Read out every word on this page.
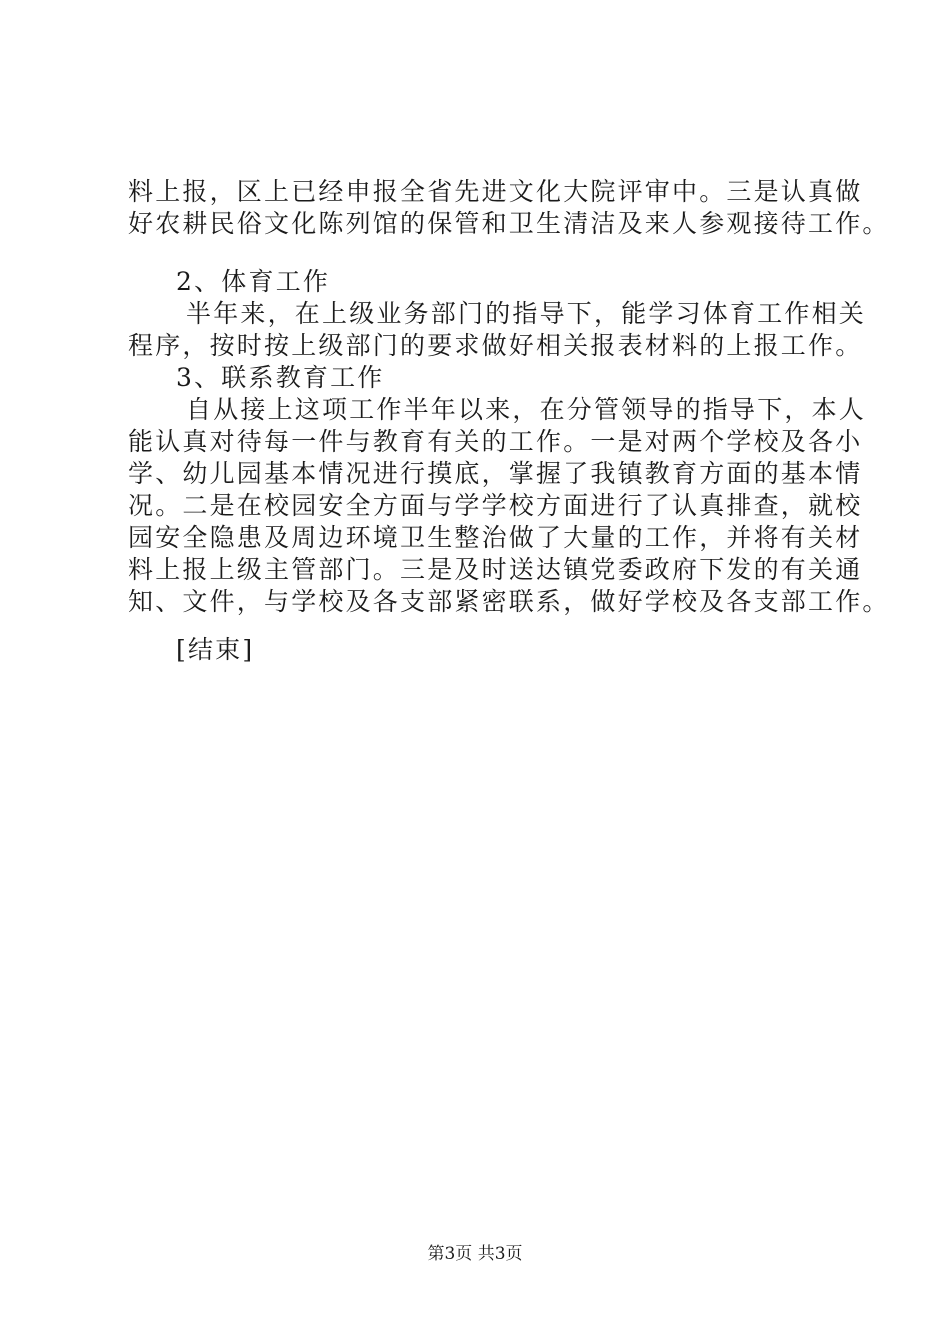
料上报，区上已经申报全省先进文化大院评审中。三是认真做
好农耕民俗文化陈列馆的保管和卫生清洁及来人参观接待工作。
2、体育工作
半年来，在上级业务部门的指导下，能学习体育工作相关
程序，按时按上级部门的要求做好相关报表材料的上报工作。
3、联系教育工作
自从接上这项工作半年以来，在分管领导的指导下，本人
能认真对待每一件与教育有关的工作。一是对两个学校及各小
学、幼儿园基本情况进行摸底，掌握了我镇教育方面的基本情
况。二是在校园安全方面与学学校方面进行了认真排查，就校
园安全隐患及周边环境卫生整治做了大量的工作，并将有关材
料上报上级主管部门。三是及时送达镇党委政府下发的有关通
知、文件，与学校及各支部紧密联系，做好学校及各支部工作。
[结束]
第3页 共3页
